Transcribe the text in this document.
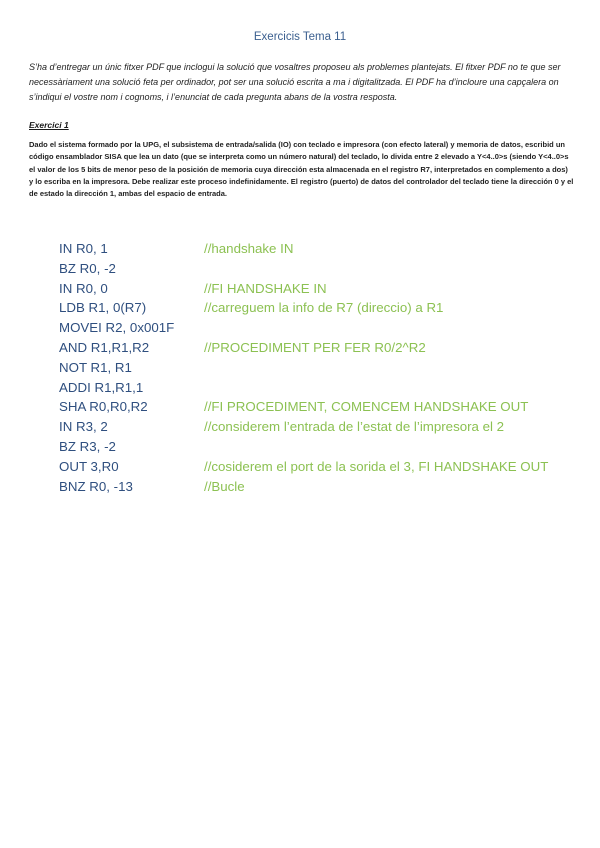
Exercicis Tema 11
S’ha d’entregar un únic fitxer PDF que inclogui la solució que vosaltres proposeu als problemes plantejats. El fitxer PDF no te que ser necessàriament una solució feta per ordinador, pot ser una solució escrita a ma i digitalitzada. El PDF ha d’incloure una capçalera on s’indiqui el vostre nom i cognoms, i l’enunciat de cada pregunta abans de la vostra resposta.
Exercici 1
Dado el sistema formado por la UPG, el subsistema de entrada/salida (IO) con teclado e impresora (con efecto lateral) y memoria de datos, escribid un código ensamblador SISA que lea un dato (que se interpreta como un número natural) del teclado, lo divida entre 2 elevado a Y<4..0>s (siendo Y<4..0>s el valor de los 5 bits de menor peso de la posición de memoria cuya dirección esta almacenada en el registro R7, interpretados en complemento a dos) y lo escriba en la impresora. Debe realizar este proceso indefinidamente. El registro (puerto) de datos del controlador del teclado tiene la dirección 0 y el de estado la dirección 1, ambas del espacio de entrada.
IN R0, 1	//handshake IN
BZ R0, -2
IN R0, 0	//FI HANDSHAKE IN
LDB R1, 0(R7)	//carreguem la info de R7 (direccio) a R1
MOVEI R2, 0x001F
AND R1,R1,R2	//PROCEDIMENT PER FER R0/2^R2
NOT R1, R1
ADDI R1,R1,1
SHA R0,R0,R2	//FI PROCEDIMENT, COMENCEM HANDSHAKE OUT
IN R3, 2	//considerem l’entrada de l’estat de l’impresora el 2
BZ R3, -2
OUT 3,R0	//cosiderem el port de la sorida el 3, FI HANDSHAKE OUT
BNZ R0, -13	//Bucle
